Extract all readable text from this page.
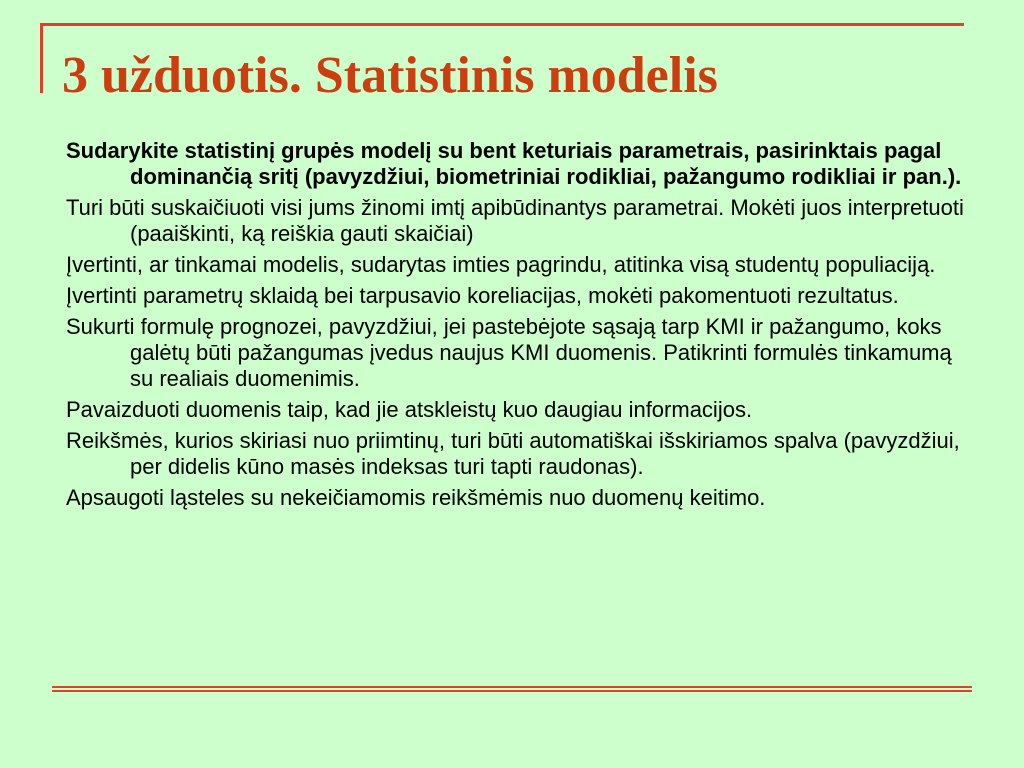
3 užduotis. Statistinis modelis

Sudarykite statistinį grupės modelį su bent keturiais parametrais, pasirinktais pagal dominančią sritį (pavyzdžiui, biometriniai rodikliai, pažangumo rodikliai ir pan.).

Turi būti suskaičiuoti visi jums žinomi imtį apibūdinantys parametrai. Mokėti juos interpretuoti (paaiškinti, ką reiškia gauti skaičiai)

Įvertinti, ar tinkamai modelis, sudarytas imties pagrindu, atitinka visą studentų populiaciją.

Įvertinti parametrų sklaidą bei tarpusavio koreliacijas, mokėti pakomentuoti rezultatus.

Sukurti formulę prognozei, pavyzdžiui, jei pastebėjote sąsają tarp KMI ir pažangumo, koks galėtų būti pažangumas įvedus naujus KMI duomenis. Patikrinti formulės tinkamumą su realiais duomenimis.

Pavaizduoti duomenis taip, kad jie atskleistų kuo daugiau informacijos.

Reikšmės, kurios skiriasi nuo priimtinų, turi būti automatiškai išskiriamos spalva (pavyzdžiui, per didelis kūno masės indeksas turi tapti raudonas).

Apsaugoti ląsteles su nekeičiamomis reikšmėmis nuo duomenų keitimo.
